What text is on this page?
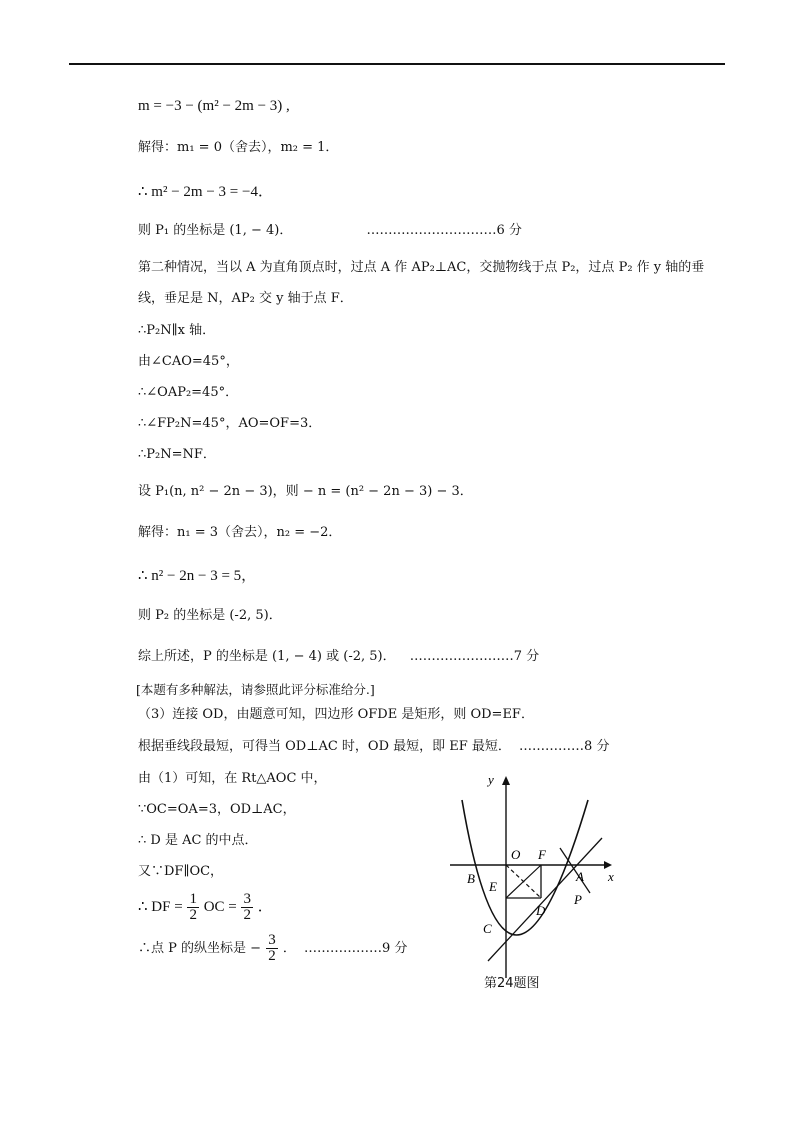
m = −3 − (m² − 2m − 3) ,
解得：m₁ = 0（舍去），m₂ = 1．
∴ m² − 2m − 3 = −4．
则 P₁ 的坐标是 (1, − 4)．	…………………………6 分
第二种情况，当以 A 为直角顶点时，过点 A 作 AP₂⊥AC，交抛物线于点 P₂，过点 P₂ 作 y 轴的垂
线，垂足是 N，AP₂ 交 y 轴于点 F．
∴P₂N∥x 轴．
由∠CAO=45°，
∴∠OAP₂=45°．
∴∠FP₂N=45°，AO=OF=3．
∴P₂N=NF．
设 P₁(n, n² − 2n − 3)，则 − n = (n² − 2n − 3) − 3．
解得：n₁ = 3（舍去），n₂ = −2．
∴ n² − 2n − 3 = 5，
则 P₂ 的坐标是 (-2, 5)．
综上所述，P 的坐标是 (1, − 4) 或 (-2, 5)． ……………………7 分
[本题有多种解法，请参照此评分标准给分.]
（3）连接 OD，由题意可知，四边形 OFDE 是矩形，则 OD=EF．
根据垂线段最短，可得当 OD⊥AC 时，OD 最短，即 EF 最短． ……………8 分
由（1）可知，在 Rt△AOC 中，
∵OC=OA=3，OD⊥AC，
∴ D 是 AC 的中点．
又∵DF∥OC，
∴ DF = $\frac{1}{2}$ OC = $\frac{3}{2}$ ．
∴点 P 的纵坐标是 − $\frac{3}{2}$ ． ………………9 分
y
x
O F
B
E
A
D
P
C
第24题图
